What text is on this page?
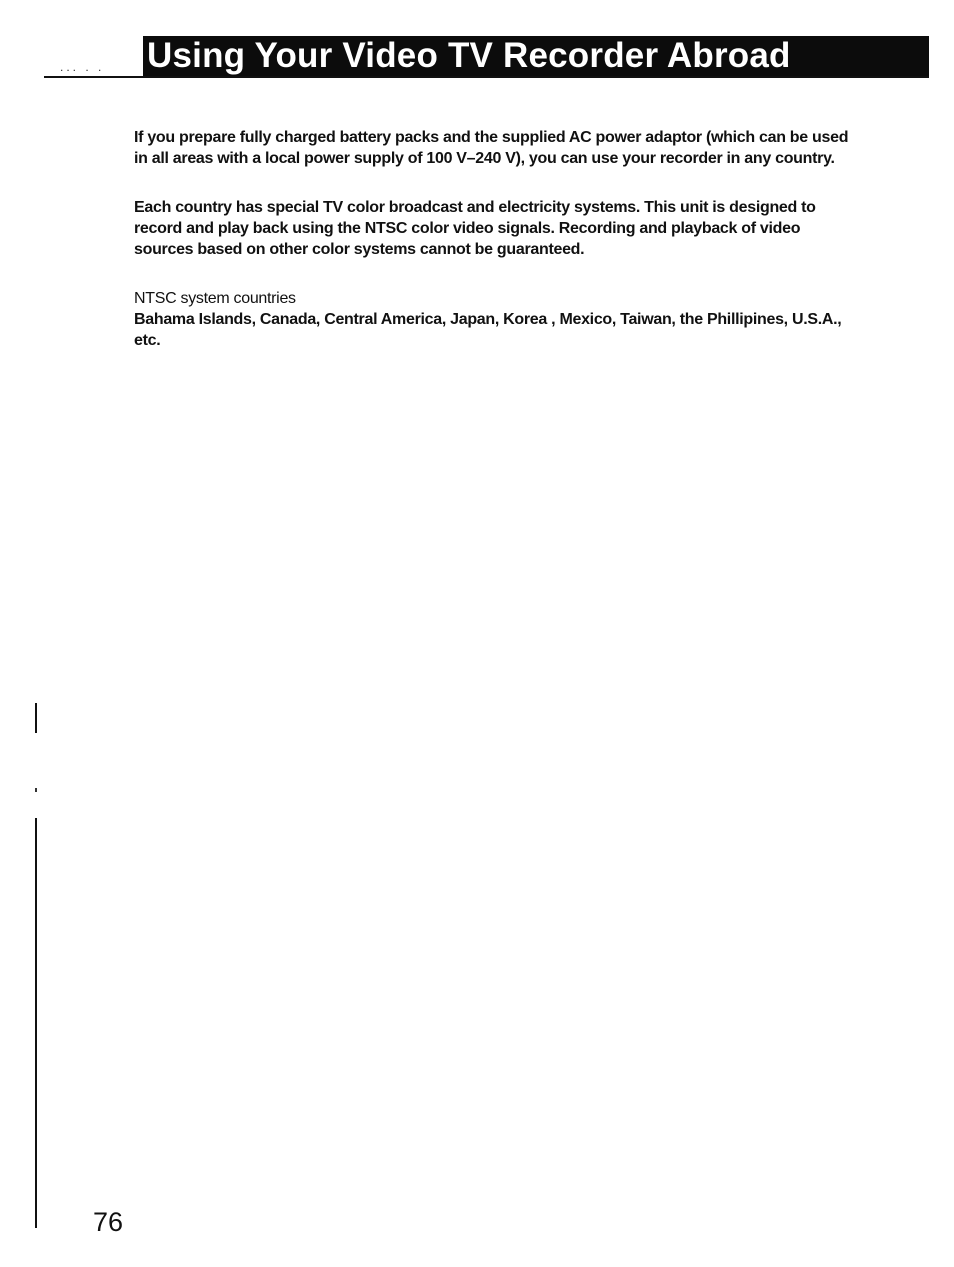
... . . Using Your Video TV Recorder Abroad

If you prepare fully charged battery packs and the supplied AC power adaptor (which can be used in all areas with a local power supply of 100 V–240 V), you can use your recorder in any country.

Each country has special TV color broadcast and electricity systems. This unit is designed to record and play back using the NTSC color video signals. Recording and playback of video sources based on other color systems cannot be guaranteed.

NTSC system countries

Bahama Islands, Canada, Central America, Japan, Korea , Mexico, Taiwan, the Phillipines, U.S.A., etc.

76
